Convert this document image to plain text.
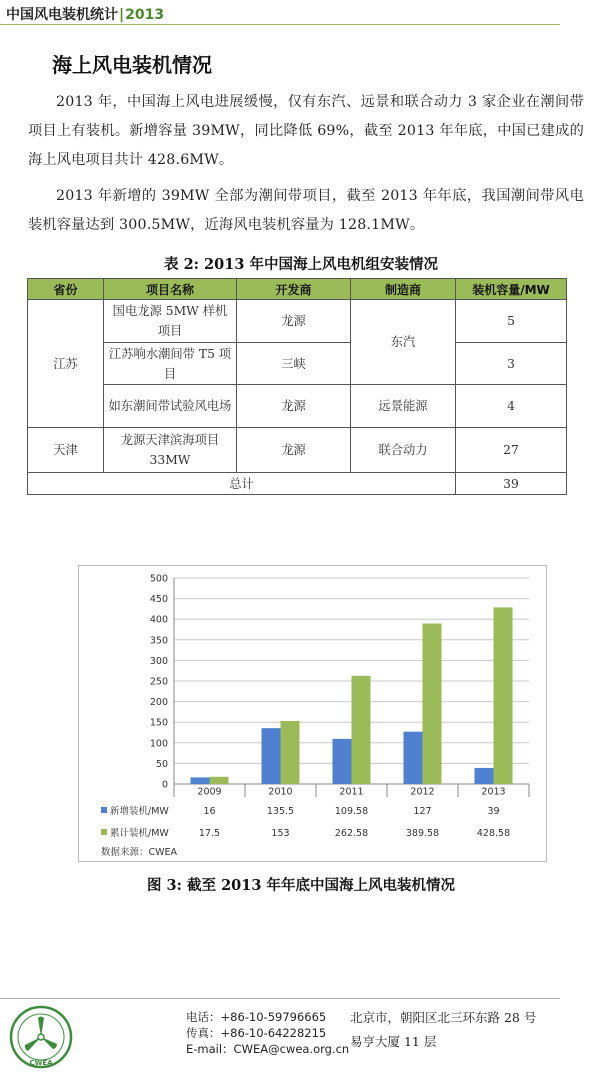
中国风电装机统计|2013
海上风电装机情况

2013 年，中国海上风电进展缓慢，仅有东汽、远景和联合动力 3 家企业在潮间带项目上有装机。新增容量 39MW，同比降低 69%，截至 2013 年年底，中国已建成的海上风电项目共计 428.6MW。

2013 年新增的 39MW 全部为潮间带项目，截至 2013 年年底，我国潮间带风电装机容量达到 300.5MW，近海风电装机容量为 128.1MW。

表 2: 2013 年中国海上风电机组安装情况
省份	项目名称	开发商	制造商	装机容量/MW
江苏	国电龙源 5MW 样机项目	龙源	东汽	5
	江苏响水潮间带 T5 项目	三峡		3
	如东潮间带试验风电场	龙源	远景能源	4
天津	龙源天津滨海项目 33MW	龙源	联合动力	27
总计				39
0
50
100
150
200
250
300
350
400
450
500
2009	2010	2011	2012	2013
新增装机/MW	16	135.5	109.58	127	39
累计装机/MW	17.5	153	262.58	389.58	428.58
数据来源：CWEA
图 3: 截至 2013 年年底中国海上风电装机情况
CWEA
电话：+86-10-59796665
传真：+86-10-64228215
E-mail：CWEA@cwea.org.cn
北京市，朝阳区北三环东路 28 号
易亨大厦 11 层
